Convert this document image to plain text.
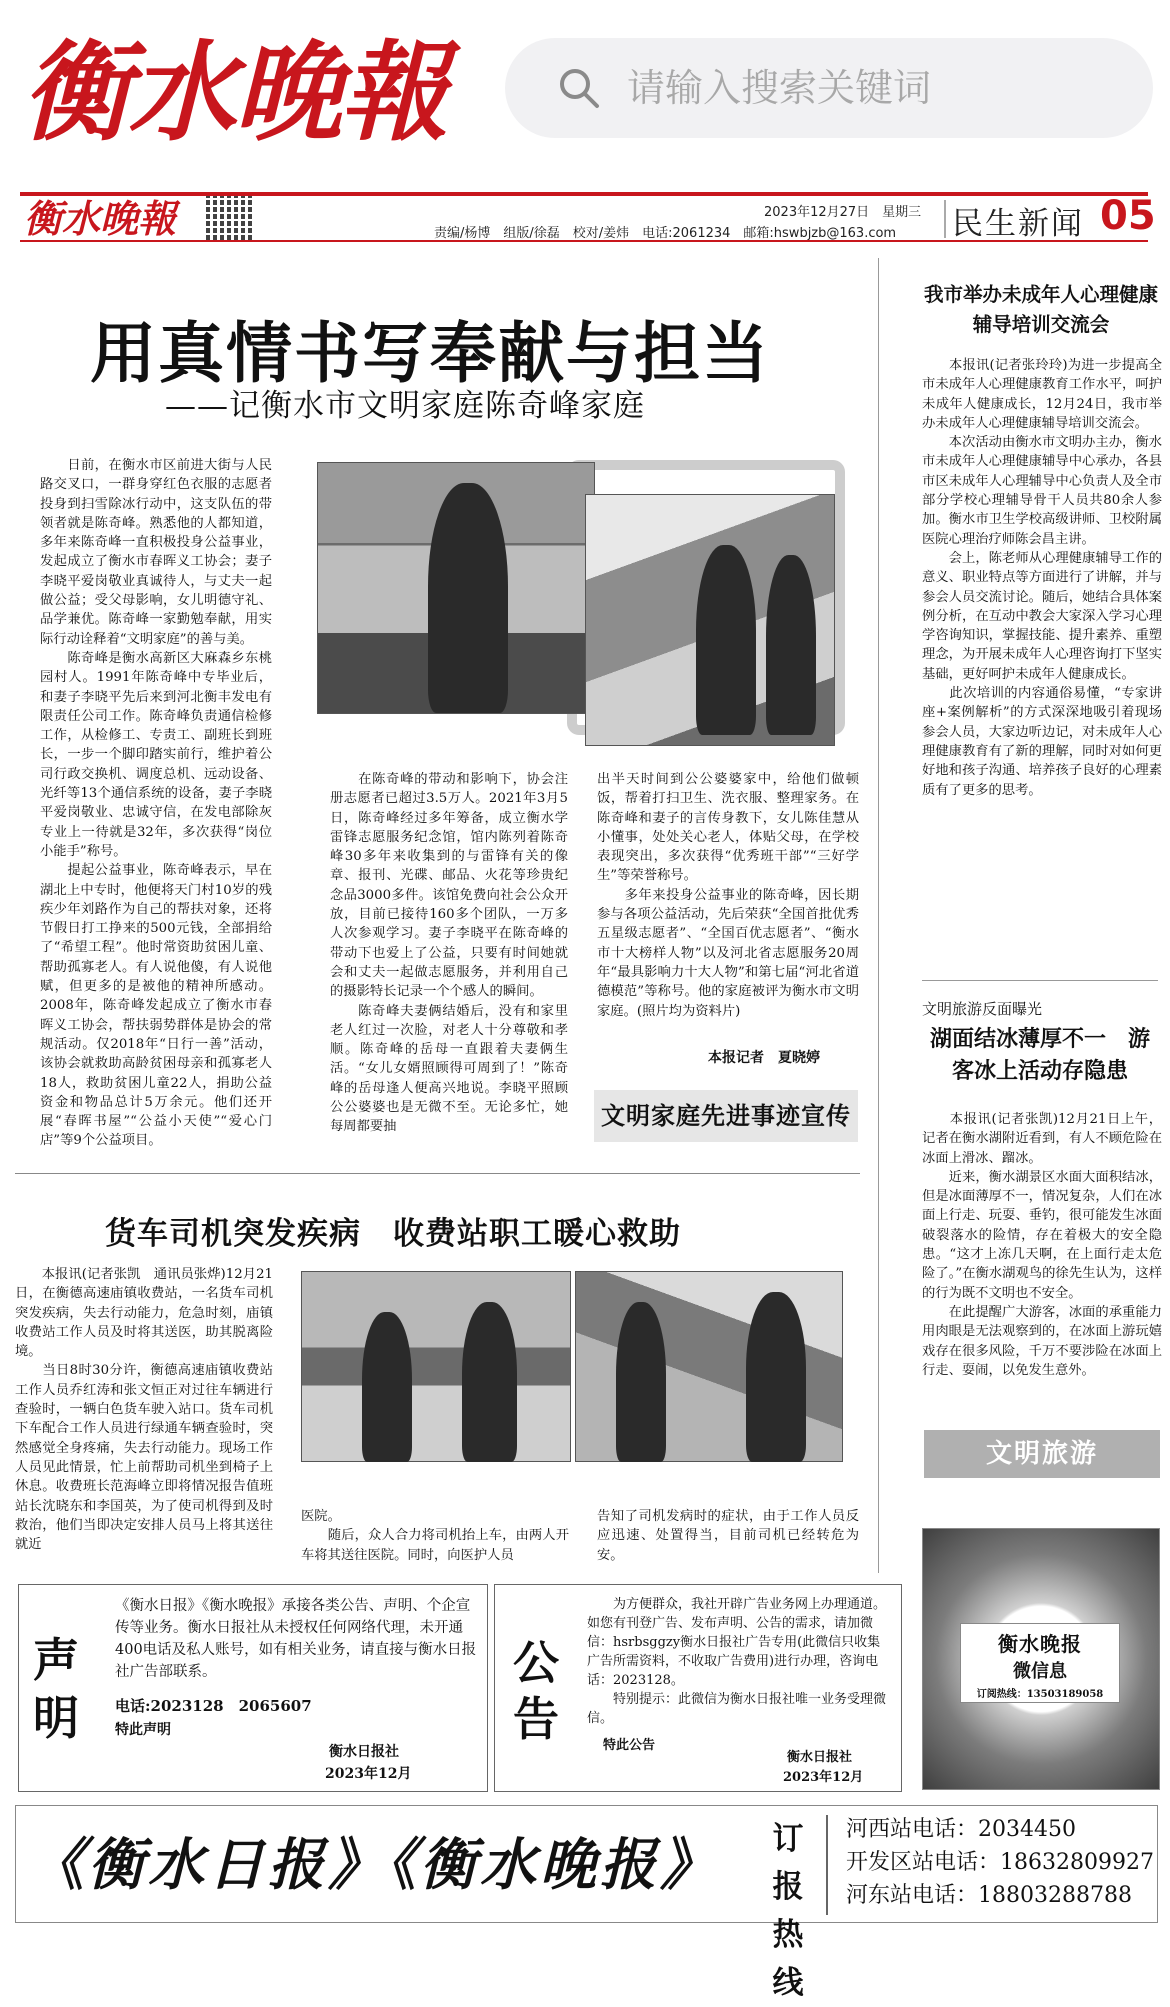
衡水晚報
请输入搜索关键词
衡水晚報	2023年12月27日　星期三
责编/杨博　组版/徐磊　校对/姜炜　电话:2061234　邮箱:hswbjzb@163.com 民生新闻 05
用真情书写奉献与担当
——记衡水市文明家庭陈奇峰家庭
　　日前，在衡水市区前进大街与人民路交叉口，一群身穿红色衣服的志愿者投身到扫雪除冰行动中，这支队伍的带领者就是陈奇峰。熟悉他的人都知道，多年来陈奇峰一直积极投身公益事业，发起成立了衡水市春晖义工协会；妻子李晓平爱岗敬业真诚待人，与丈夫一起做公益；受父母影响，女儿明德守礼、品学兼优。陈奇峰一家勤勉奉献，用实际行动诠释着“文明家庭”的善与美。
　　陈奇峰是衡水高新区大麻森乡东桃园村人。1991年陈奇峰中专毕业后，和妻子李晓平先后来到河北衡丰发电有限责任公司工作。陈奇峰负责通信检修工作，从检修工、专责工、副班长到班长，一步一个脚印踏实前行，维护着公司行政交换机、调度总机、远动设备、光纤等13个通信系统的设备，妻子李晓平爱岗敬业、忠诚守信，在发电部除灰专业上一待就是32年，多次获得“岗位小能手”称号。
　　提起公益事业，陈奇峰表示，早在湖北上中专时，他便将天门村10岁的残疾少年刘路作为自己的帮扶对象，还将节假日打工挣来的500元钱，全部捐给了“希望工程”。他时常资助贫困儿童、帮助孤寡老人。有人说他傻，有人说他赋，但更多的是被他的精神所感动。2008年，陈奇峰发起成立了衡水市春晖义工协会，帮扶弱势群体是协会的常规活动。仅2018年“日行一善”活动，该协会就救助高龄贫困母亲和孤寡老人18人，救助贫困儿童22人，捐助公益资金和物品总计5万余元。他们还开展“春晖书屋”“公益小天使”“爱心门店”等9个公益项目。
　　在陈奇峰的带动和影响下，协会注册志愿者已超过3.5万人。2021年3月5日，陈奇峰经过多年筹备，成立衡水学雷锋志愿服务纪念馆，馆内陈列着陈奇峰30多年来收集到的与雷锋有关的像章、报刊、光碟、邮品、火花等珍贵纪念品3000多件。该馆免费向社会公众开放，目前已接待160多个团队，一万多人次参观学习。妻子李晓平在陈奇峰的带动下也爱上了公益，只要有时间她就会和丈夫一起做志愿服务，并利用自己的摄影特长记录一个个感人的瞬间。
　　陈奇峰夫妻俩结婚后，没有和家里老人红过一次脸，对老人十分尊敬和孝顺。陈奇峰的岳母一直跟着夫妻俩生活。“女儿女婿照顾得可周到了！”陈奇峰的岳母逢人便高兴地说。李晓平照顾公公婆婆也是无微不至。无论多忙，她每周都要抽
出半天时间到公公婆婆家中，给他们做顿饭，帮着打扫卫生、洗衣服、整理家务。在陈奇峰和妻子的言传身教下，女儿陈佳慧从小懂事，处处关心老人，体贴父母，在学校表现突出，多次获得“优秀班干部”“三好学生”等荣誉称号。
　　多年来投身公益事业的陈奇峰，因长期参与各项公益活动，先后荣获“全国首批优秀五星级志愿者”、“全国百优志愿者”、“衡水市十大榜样人物”以及河北省志愿服务20周年“最具影响力十大人物”和第七届“河北省道德模范”等称号。他的家庭被评为衡水市文明家庭。(照片均为资料片)
本报记者　夏晓婷
文明家庭先进事迹宣传
货车司机突发疾病　收费站职工暖心救助
　　本报讯(记者张凯　通讯员张烨)12月21日，在衡德高速庙镇收费站，一名货车司机突发疾病，失去行动能力，危急时刻，庙镇收费站工作人员及时将其送医，助其脱离险境。
　　当日8时30分许，衡德高速庙镇收费站工作人员乔红涛和张文恒正对过往车辆进行查验时，一辆白色货车驶入站口。货车司机下车配合工作人员进行绿通车辆查验时，突然感觉全身疼痛，失去行动能力。现场工作人员见此情景，忙上前帮助司机坐到椅子上休息。收费班长范海峰立即将情况报告值班站长沈晓东和李国英，为了使司机得到及时救治，他们当即决定安排人员马上将其送往就近
医院。
　　随后，众人合力将司机抬上车，由两人开车将其送往医院。同时，向医护人员
告知了司机发病时的症状，由于工作人员反应迅速、处置得当，目前司机已经转危为安。
我市举办未成年人心理健康辅导培训交流会
　　本报讯(记者张玲玲)为进一步提高全市未成年人心理健康教育工作水平，呵护未成年人健康成长，12月24日，我市举办未成年人心理健康辅导培训交流会。
　　本次活动由衡水市文明办主办，衡水市未成年人心理健康辅导中心承办，各县市区未成年人心理辅导中心负责人及全市部分学校心理辅导骨干人员共80余人参加。衡水市卫生学校高级讲师、卫校附属医院心理治疗师陈会昌主讲。
　　会上，陈老师从心理健康辅导工作的意义、职业特点等方面进行了讲解，并与参会人员交流讨论。随后，她结合具体案例分析，在互动中教会大家深入学习心理学咨询知识，掌握技能、提升素养、重塑理念，为开展未成年人心理咨询打下坚实基础，更好呵护未成年人健康成长。
　　此次培训的内容通俗易懂，“专家讲座+案例解析”的方式深深地吸引着现场参会人员，大家边听边记，对未成年人心理健康教育有了新的理解，同时对如何更好地和孩子沟通、培养孩子良好的心理素质有了更多的思考。
文明旅游反面曝光
湖面结冰薄厚不一　游客冰上活动存隐患
　　本报讯(记者张凯)12月21日上午，记者在衡水湖附近看到，有人不顾危险在冰面上滑冰、蹓冰。
　　近来，衡水湖景区水面大面积结冰，但是冰面薄厚不一，情况复杂，人们在冰面上行走、玩耍、垂钓，很可能发生冰面破裂落水的险情，存在着极大的安全隐患。“这才上冻几天啊，在上面行走太危险了。”在衡水湖观鸟的徐先生认为，这样的行为既不文明也不安全。
　　在此提醒广大游客，冰面的承重能力用肉眼是无法观察到的，在冰面上游玩嬉戏存在很多风险，千万不要涉险在冰面上行走、耍闹，以免发生意外。
文明旅游
衡水晚报
微信息
订阅热线：13503189058
声明
《衡水日报》《衡水晚报》承接各类公告、声明、个企宣传等业务。衡水日报社从未授权任何网络代理，未开通400电话及私人账号，如有相关业务，请直接与衡水日报社广告部联系。
电话:2023128　2065607
特此声明
衡水日报社
2023年12月
公告
　　为方便群众，我社开辟广告业务网上办理通道。如您有刊登广告、发布声明、公告的需求，请加微信：hsrbsggzy衡水日报社广告专用(此微信只收集广告所需资料，不收取广告费用)进行办理，咨询电话：2023128。
　　特别提示：此微信为衡水日报社唯一业务受理微信。
特此公告
衡水日报社
2023年12月
《衡水日报》《衡水晚报》	订报热线
河西站电话：2034450
开发区站电话：18632809927
河东站电话：18803288788
